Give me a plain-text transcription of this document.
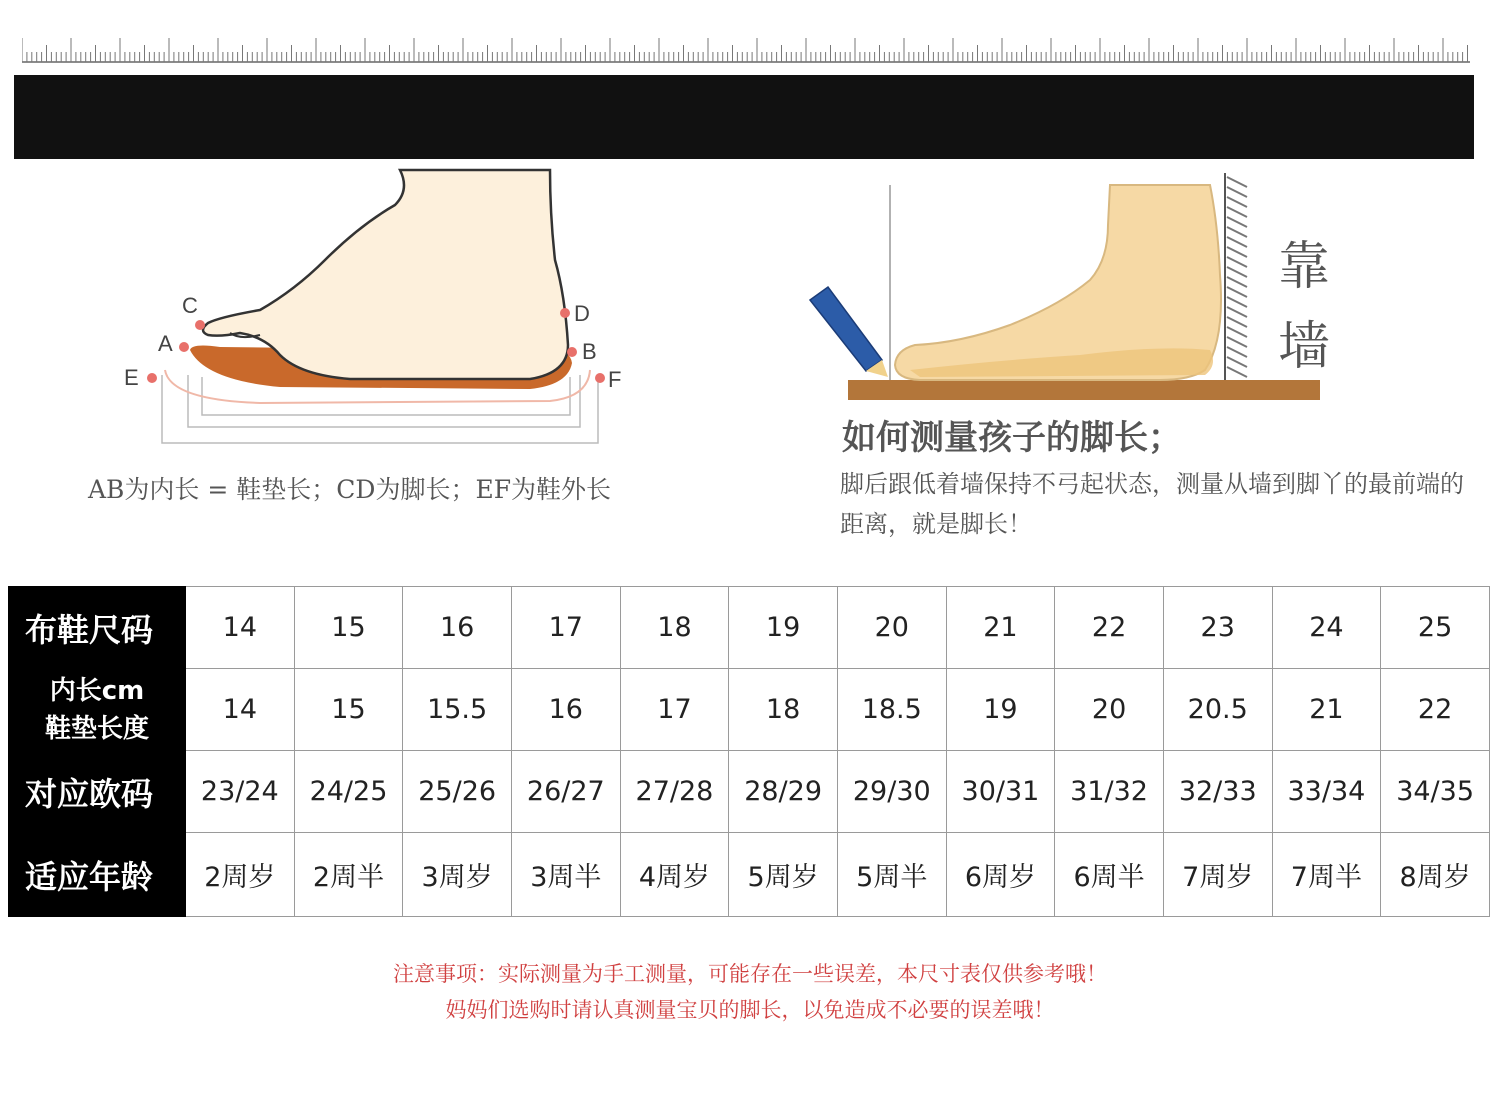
C
A
E
D
B
F
AB为内长 = 鞋垫长；CD为脚长；EF为鞋外长
靠
墙
如何测量孩子的脚长；
脚后跟低着墙保持不弓起状态，测量从墙到脚丫的最前端的距离，就是脚长！
布鞋尺码	14	15	16	17	18	19	20	21	22	23	24	25

内长cm
鞋垫长度	14	15	15.5	16	17	18	18.5	19	20	20.5	21	22
对应欧码	23/24	24/25	25/26	26/27	27/28	28/29	29/30	30/31	31/32	32/33	33/34	34/35
适应年龄	2周岁	2周半	3周岁	3周半	4周岁	5周岁	5周半	6周岁	6周半	7周岁	7周半	8周岁
注意事项：实际测量为手工测量，可能存在一些误差，本尺寸表仅供参考哦！
妈妈们选购时请认真测量宝贝的脚长，以免造成不必要的误差哦！
